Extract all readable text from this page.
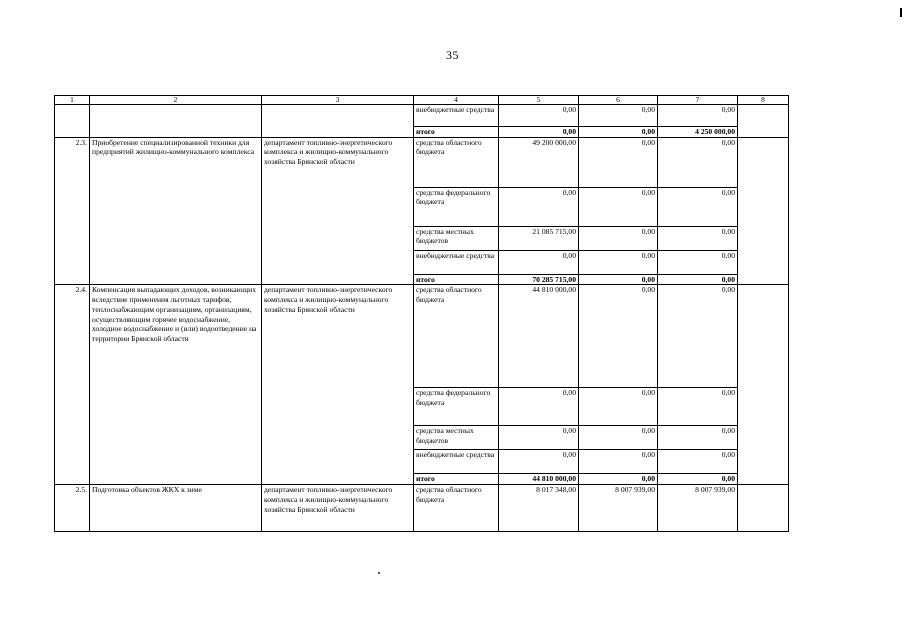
35
1	2	3	4	5	6	7	8
			внебюджетные средства	0,00	0,00	0,00	
			итого	0,00	0,00	4 250 000,00	
2.3.	Приобретение специализированной техники для предприятий жилищно-коммунального комплекса	департамент топливно-энергетического комплекса и жилищно-коммунального хозяйства Брянской области	средства областного бюджета	49 200 000,00	0,00	0,00	
			средства федерального бюджета	0,00	0,00	0,00	
			средства местных бюджетов	21 085 715,00	0,00	0,00	
			внебюджетные средства	0,00	0,00	0,00	
			итого	70 285 715,00	0,00	0,00	
2.4.	Компенсация выпадающих доходов, возникающих вследствие применения льготных тарифов, теплоснабжающим организациям, организациям, осуществляющим горячее водоснабжение, холодное водоснабжение и (или) водоотведение на территории Брянской области	департамент топливно-энергетического комплекса и жилищно-коммунального хозяйства Брянской области	средства областного бюджета	44 810 000,00	0,00	0,00	
			средства федерального бюджета	0,00	0,00	0,00	
			средства местных бюджетов	0,00	0,00	0,00	
			внебюджетные средства	0,00	0,00	0,00	
			итого	44 810 000,00	0,00	0,00	
2.5.	Подготовка объектов ЖКХ к зиме	департамент топливно-энергетического комплекса и жилищно-коммунального хозяйства Брянской области	средства областного бюджета	8 017 348,00	8 007 939,00	8 007 939,00	
